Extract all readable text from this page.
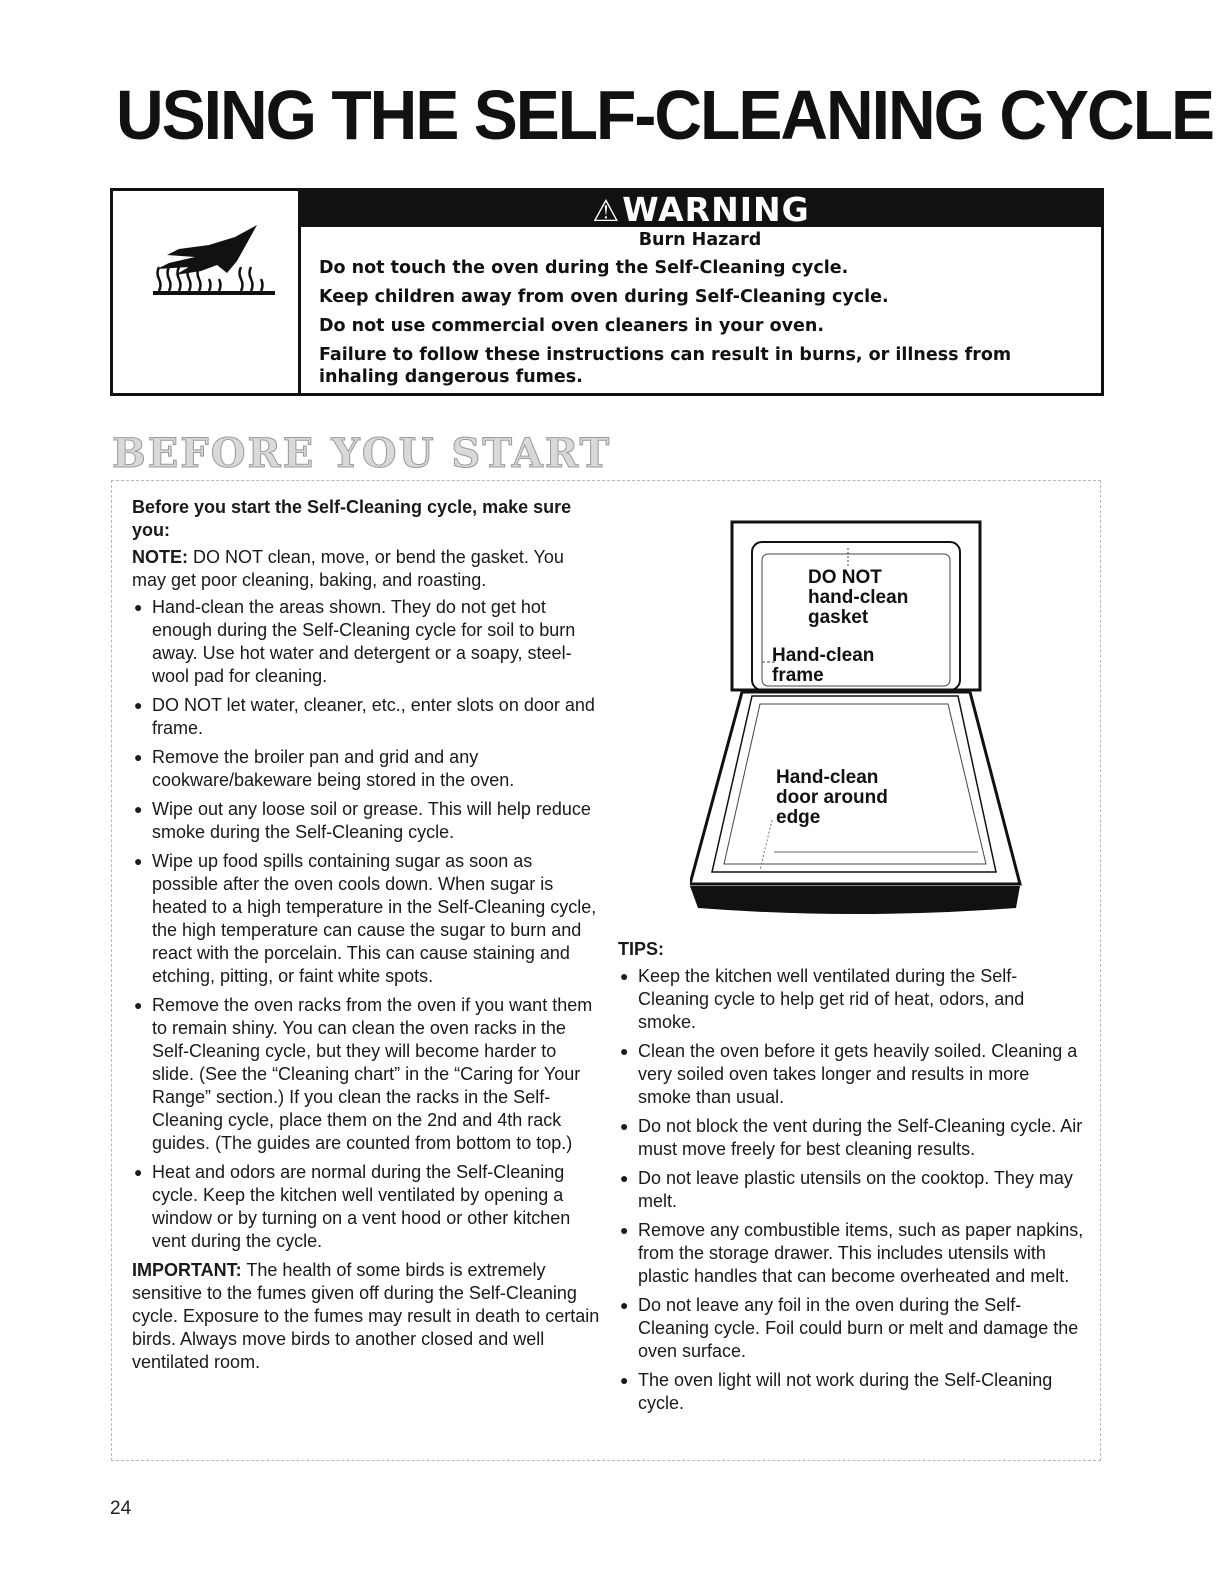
USING THE SELF-CLEANING CYCLE
⚠WARNING

Burn Hazard

Do not touch the oven during the Self-Cleaning cycle.

Keep children away from oven during Self-Cleaning cycle.

Do not use commercial oven cleaners in your oven.

Failure to follow these instructions can result in burns, or illness from inhaling dangerous fumes.

BEFORE YOU START

Before you start the Self-Cleaning cycle, make sure you:

NOTE: DO NOT clean, move, or bend the gasket. You may get poor cleaning, baking, and roasting.

● Hand-clean the areas shown. They do not get hot enough during the Self-Cleaning cycle for soil to burn away. Use hot water and detergent or a soapy, steel-wool pad for cleaning.
● DO NOT let water, cleaner, etc., enter slots on door and frame.
● Remove the broiler pan and grid and any cookware/bakeware being stored in the oven.
● Wipe out any loose soil or grease. This will help reduce smoke during the Self-Cleaning cycle.
● Wipe up food spills containing sugar as soon as possible after the oven cools down. When sugar is heated to a high temperature in the Self-Cleaning cycle, the high temperature can cause the sugar to burn and react with the porcelain. This can cause staining and etching, pitting, or faint white spots.
● Remove the oven racks from the oven if you want them to remain shiny. You can clean the oven racks in the Self-Cleaning cycle, but they will become harder to slide. (See the “Cleaning chart” in the “Caring for Your Range” section.) If you clean the racks in the Self-Cleaning cycle, place them on the 2nd and 4th rack guides. (The guides are counted from bottom to top.)
● Heat and odors are normal during the Self-Cleaning cycle. Keep the kitchen well ventilated by opening a window or by turning on a vent hood or other kitchen vent during the cycle.

IMPORTANT: The health of some birds is extremely sensitive to the fumes given off during the Self-Cleaning cycle. Exposure to the fumes may result in death to certain birds. Always move birds to another closed and well ventilated room.

DO NOT
hand-clean
gasket
Hand-clean
frame
Hand-clean
door around
edge

TIPS:

● Keep the kitchen well ventilated during the Self-Cleaning cycle to help get rid of heat, odors, and smoke.
● Clean the oven before it gets heavily soiled. Cleaning a very soiled oven takes longer and results in more smoke than usual.
● Do not block the vent during the Self-Cleaning cycle. Air must move freely for best cleaning results.
● Do not leave plastic utensils on the cooktop. They may melt.
● Remove any combustible items, such as paper napkins, from the storage drawer. This includes utensils with plastic handles that can become overheated and melt.
● Do not leave any foil in the oven during the Self-Cleaning cycle. Foil could burn or melt and damage the oven surface.
● The oven light will not work during the Self-Cleaning cycle.
24
